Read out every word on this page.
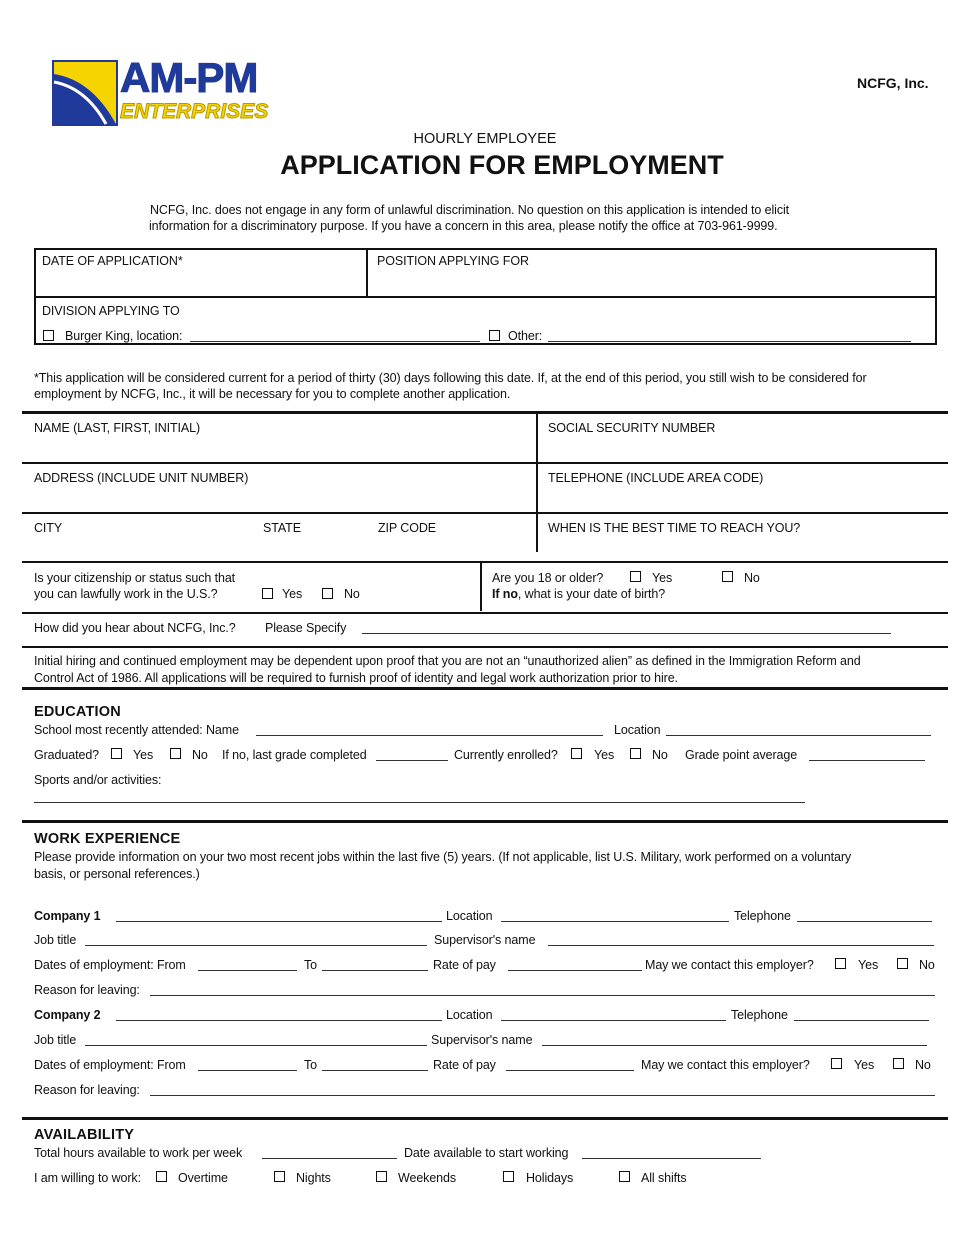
AM-PM
ENTERPRISES
NCFG, Inc.
HOURLY EMPLOYEE
APPLICATION FOR EMPLOYMENT
NCFG, Inc. does not engage in any form of unlawful discrimination. No question on this application is intended to elicit
information for a discriminatory purpose. If you have a concern in this area, please notify the office at 703-961-9999.
DATE OF APPLICATION*	POSITION APPLYING FOR
DIVISION APPLYING TO
Burger King, location:	Other:
*This application will be considered current for a period of thirty (30) days following this date. If, at the end of this period, you still wish to be considered for
employment by NCFG, Inc., it will be necessary for you to complete another application.
NAME (LAST, FIRST, INITIAL)	SOCIAL SECURITY NUMBER
ADDRESS (INCLUDE UNIT NUMBER)	TELEPHONE (INCLUDE AREA CODE)
CITY	STATE	ZIP CODE	WHEN IS THE BEST TIME TO REACH YOU?
Is your citizenship or status such that
you can lawfully work in the U.S.?	Yes	No
Are you 18 or older?	Yes	No
If no, what is your date of birth?
How did you hear about NCFG, Inc.? Please Specify
Initial hiring and continued employment may be dependent upon proof that you are not an “unauthorized alien” as defined in the Immigration Reform and
Control Act of 1986. All applications will be required to furnish proof of identity and legal work authorization prior to hire.
EDUCATION
School most recently attended: Name	Location
Graduated?	Yes	No If no, last grade completed	Currently enrolled?	Yes	No Grade point average
Sports and/or activities:
WORK EXPERIENCE
Please provide information on your two most recent jobs within the last five (5) years. (If not applicable, list U.S. Military, work performed on a voluntary
basis, or personal references.)
Company 1	Location	Telephone
Job title	Supervisor's name
Dates of employment: From	To	Rate of pay	May we contact this employer?	Yes	No
Reason for leaving:
Company 2	Location	Telephone
Job title	Supervisor's name
Dates of employment: From	To	Rate of pay	May we contact this employer?	Yes	No
Reason for leaving:
AVAILABILITY
Total hours available to work per week	Date available to start working
I am willing to work:	Overtime	Nights	Weekends	Holidays	All shifts
